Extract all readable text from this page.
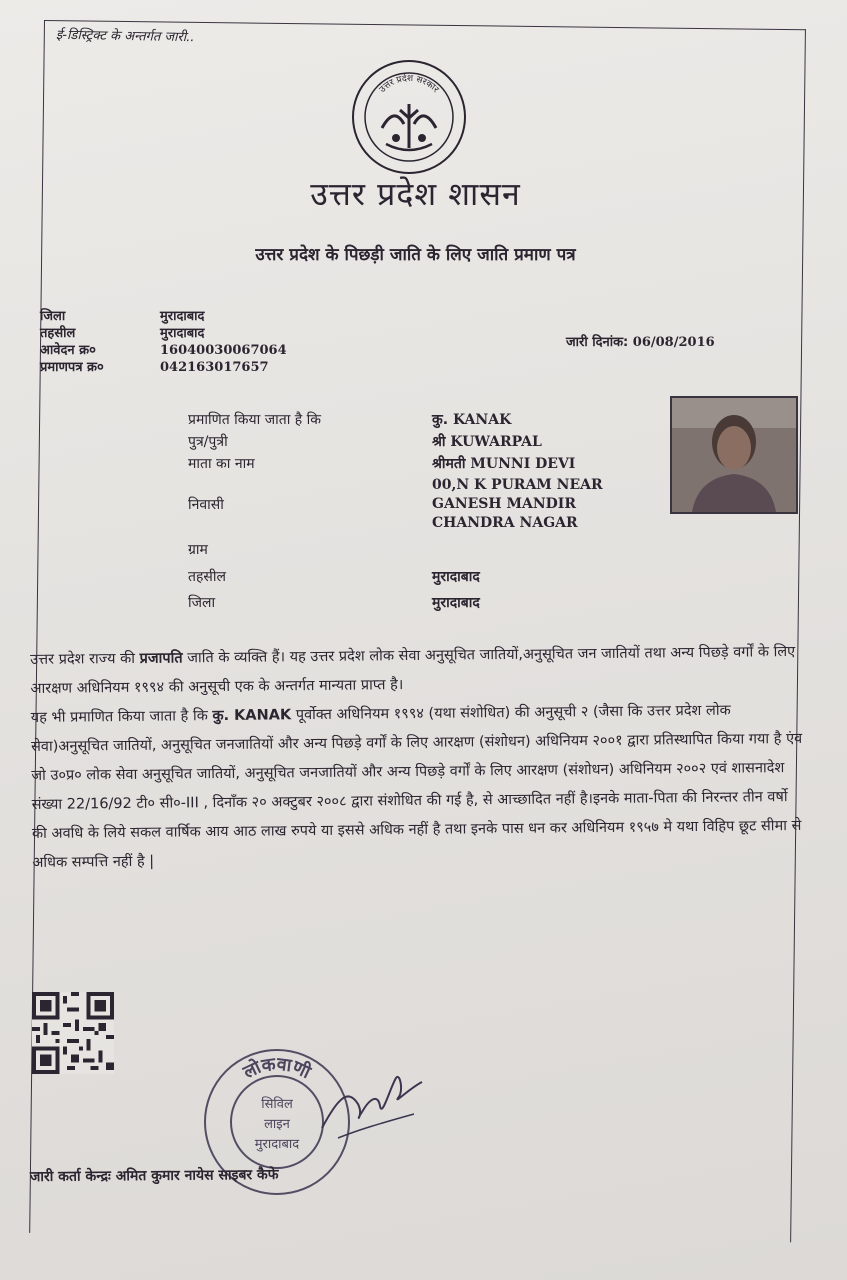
ई-डिस्ट्रिक्ट के अन्तर्गत जारी..
उत्तर प्रदेश सरकार
उत्तर प्रदेश शासन
उत्तर प्रदेश के पिछड़ी जाति के लिए जाति प्रमाण पत्र
जिला	मुरादाबाद
तहसील	मुरादाबाद
आवेदन क्र०	16040030067064
प्रमाणपत्र क्र०	042163017657
जारी दिनांक: 06/08/2016
प्रमाणित किया जाता है कि	कु. KANAK
पुत्र/पुत्री	श्री KUWARPAL
माता का नाम	श्रीमती MUNNI DEVI
00,N K PURAM NEAR
निवासी	GANESH MANDIR
CHANDRA NAGAR
ग्राम
तहसील	मुरादाबाद
जिला	मुरादाबाद

उत्तर प्रदेश राज्य की प्रजापति जाति के व्यक्ति हैं। यह उत्तर प्रदेश लोक सेवा अनुसूचित जातियों,अनुसूचित जन जातियों तथा अन्य पिछड़े वर्गों के लिए आरक्षण अधिनियम १९९४ की अनुसूची एक के अन्तर्गत मान्यता प्राप्त है।

यह भी प्रमाणित किया जाता है कि कु. KANAK पूर्वोक्त अधिनियम १९९४ (यथा संशोधित) की अनुसूची २ (जैसा कि उत्तर प्रदेश लोक सेवा)अनुसूचित जातियों, अनुसूचित जनजातियों और अन्य पिछड़े वर्गों के लिए आरक्षण (संशोधन) अधिनियम २००१ द्वारा प्रतिस्थापित किया गया है एंव जो उ०प्र० लोक सेवा अनुसूचित जातियों, अनुसूचित जनजातियों और अन्य पिछड़े वर्गों के लिए आरक्षण (संशोधन) अधिनियम २००२ एवं शासनादेश संख्या 22/16/92 टी० सी०-III , दिनाँक २० अक्टुबर २००८ द्वारा संशोधित की गई है, से आच्छादित नहीं है।इनके माता-पिता की निरन्तर तीन वर्षो की अवधि के लिये सकल वार्षिक आय आठ लाख रुपये या इससे अधिक नहीं है तथा इनके पास धन कर अधिनियम १९५७ मे यथा विहिप छूट सीमा से अधिक सम्पत्ति नहीं है |

लोकवाणी
सिविल
लाइन
मुरादाबाद
जारी कर्ता केन्द्रः अमित कुमार नायेस साइबर कैफे
